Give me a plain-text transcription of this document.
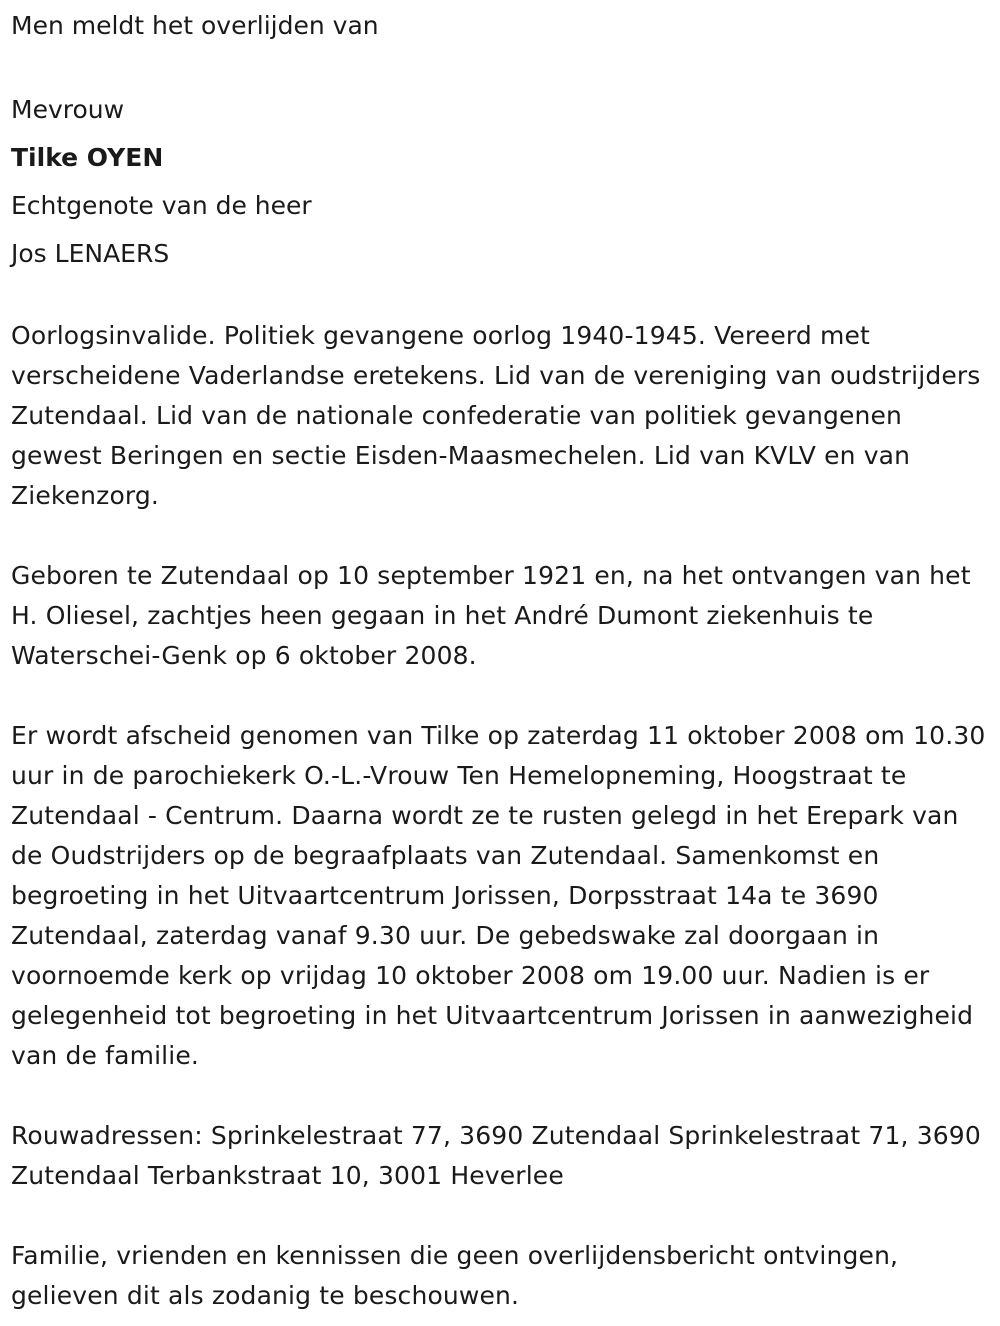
Men meldt het overlijden van

Mevrouw

Tilke OYEN

Echtgenote van de heer

Jos LENAERS

Oorlogsinvalide. Politiek gevangene oorlog 1940-1945. Vereerd met verscheidene Vaderlandse eretekens. Lid van de vereniging van oudstrijders Zutendaal. Lid van de nationale confederatie van politiek gevangenen gewest Beringen en sectie Eisden-Maasmechelen. Lid van KVLV en van Ziekenzorg.

Geboren te Zutendaal op 10 september 1921 en, na het ontvangen van het H. Oliesel, zachtjes heen gegaan in het André Dumont ziekenhuis te Waterschei-Genk op 6 oktober 2008.

Er wordt afscheid genomen van Tilke op zaterdag 11 oktober 2008 om 10.30 uur in de parochiekerk O.-L.-Vrouw Ten Hemelopneming, Hoogstraat te Zutendaal - Centrum. Daarna wordt ze te rusten gelegd in het Erepark van de Oudstrijders op de begraafplaats van Zutendaal. Samenkomst en begroeting in het Uitvaartcentrum Jorissen, Dorpsstraat 14a te 3690 Zutendaal, zaterdag vanaf 9.30 uur. De gebedswake zal doorgaan in voornoemde kerk op vrijdag 10 oktober 2008 om 19.00 uur. Nadien is er gelegenheid tot begroeting in het Uitvaartcentrum Jorissen in aanwezigheid van de familie.

Rouwadressen: Sprinkelestraat 77, 3690 Zutendaal Sprinkelestraat 71, 3690 Zutendaal Terbankstraat 10, 3001 Heverlee

Familie, vrienden en kennissen die geen overlijdensbericht ontvingen, gelieven dit als zodanig te beschouwen.
